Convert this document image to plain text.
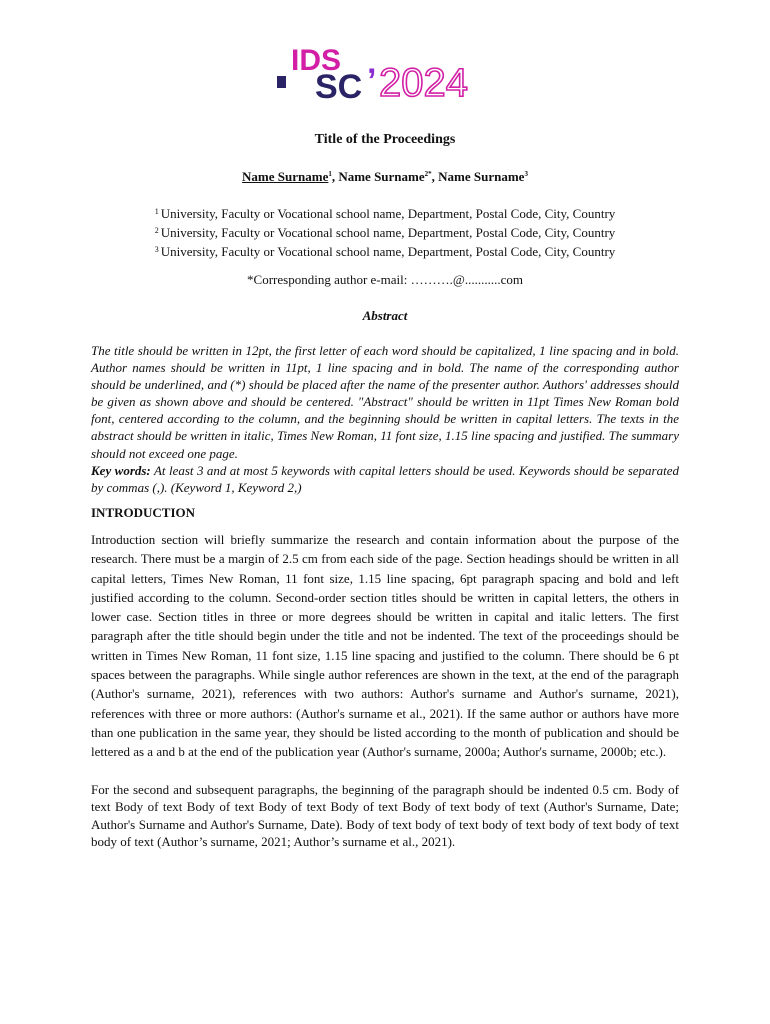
IDS
SC ’ 2024
Title of the Proceedings
Name Surname$^1$, Name Surname$^{2*}$, Name Surname$^3$
$^1$ University, Faculty or Vocational school name, Department, Postal Code, City, Country
$^2$ University, Faculty or Vocational school name, Department, Postal Code, City, Country
$^3$ University, Faculty or Vocational school name, Department, Postal Code, City, Country
*Corresponding author e-mail: ……….@...........com
Abstract
The title should be written in 12pt, the first letter of each word should be capitalized, 1 line spacing and in bold. Author names should be written in 11pt, 1 line spacing and in bold. The name of the corresponding author should be underlined, and (*) should be placed after the name of the presenter author. Authors' addresses should be given as shown above and should be centered. "Abstract" should be written in 11pt Times New Roman bold font, centered according to the column, and the beginning should be written in capital letters. The texts in the abstract should be written in italic, Times New Roman, 11 font size, 1.15 line spacing and justified. The summary should not exceed one page.
Key words: At least 3 and at most 5 keywords with capital letters should be used. Keywords should be separated by commas (,). (Keyword 1, Keyword 2,)
INTRODUCTION
Introduction section will briefly summarize the research and contain information about the purpose of the research. There must be a margin of 2.5 cm from each side of the page. Section headings should be written in all capital letters, Times New Roman, 11 font size, 1.15 line spacing, 6pt paragraph spacing and bold and left justified according to the column. Second-order section titles should be written in capital letters, the others in lower case. Section titles in three or more degrees should be written in capital and italic letters. The first paragraph after the title should begin under the title and not be indented. The text of the proceedings should be written in Times New Roman, 11 font size, 1.15 line spacing and justified to the column. There should be 6 pt spaces between the paragraphs. While single author references are shown in the text, at the end of the paragraph (Author's surname, 2021), references with two authors: Author's surname and Author's surname, 2021), references with three or more authors: (Author's surname et al., 2021). If the same author or authors have more than one publication in the same year, they should be listed according to the month of publication and should be lettered as a and b at the end of the publication year (Author's surname, 2000a; Author's surname, 2000b; etc.).
For the second and subsequent paragraphs, the beginning of the paragraph should be indented 0.5 cm. Body of text Body of text Body of text Body of text Body of text Body of text body of text (Author's Surname, Date; Author's Surname and Author's Surname, Date). Body of text body of text body of text body of text body of text body of text (Author’s surname, 2021; Author’s surname et al., 2021).
